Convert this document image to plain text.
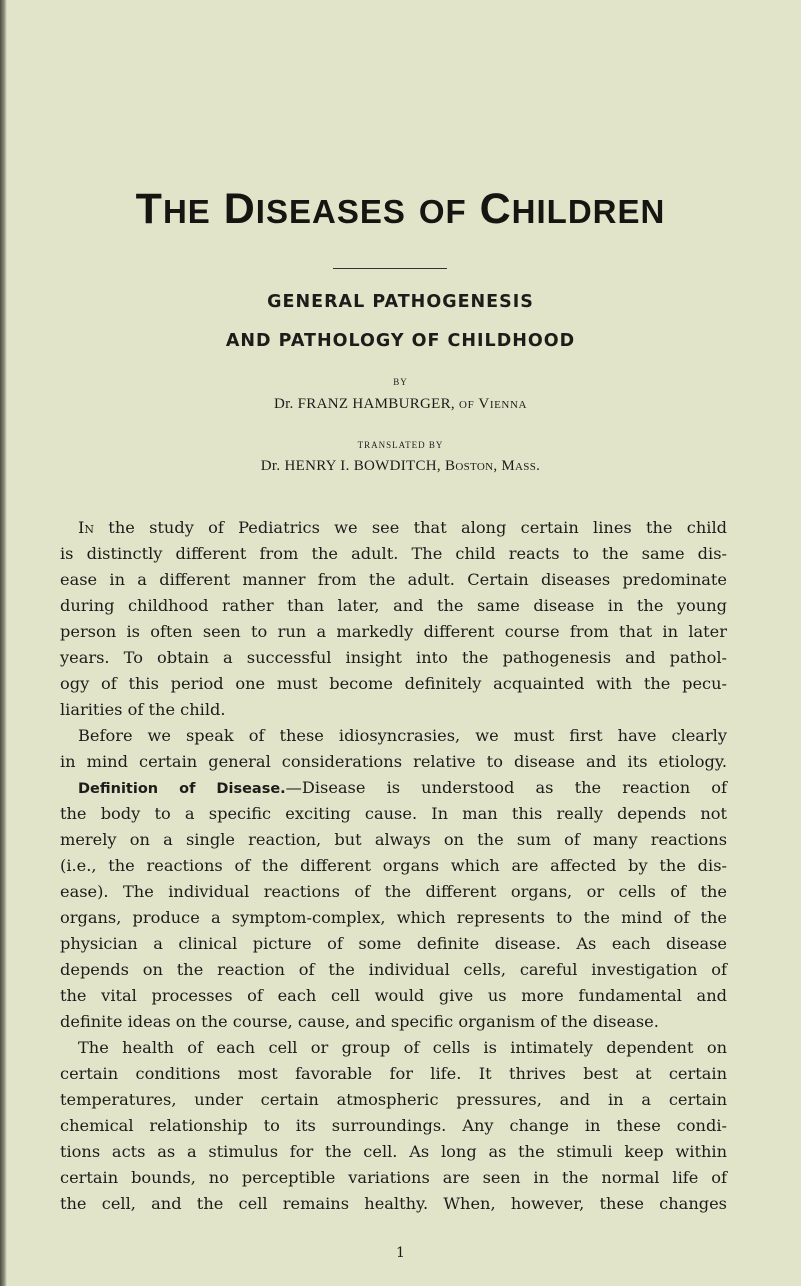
THE DISEASES OF CHILDREN
GENERAL PATHOGENESIS
AND PATHOLOGY OF CHILDHOOD
BY
Dr. FRANZ HAMBURGER, of Vienna
TRANSLATED BY
Dr. HENRY I. BOWDITCH, Boston, Mass.
In the study of Pediatrics we see that along certain lines the child
is distinctly different from the adult. The child reacts to the same dis-
ease in a different manner from the adult. Certain diseases predominate
during childhood rather than later, and the same disease in the young
person is often seen to run a markedly different course from that in later
years. To obtain a successful insight into the pathogenesis and pathol-
ogy of this period one must become definitely acquainted with the pecu-
liarities of the child.
Before we speak of these idiosyncrasies, we must first have clearly
in mind certain general considerations relative to disease and its etiology.
Definition of Disease.—Disease is understood as the reaction of
the body to a specific exciting cause. In man this really depends not
merely on a single reaction, but always on the sum of many reactions
(i.e., the reactions of the different organs which are affected by the dis-
ease). The individual reactions of the different organs, or cells of the
organs, produce a symptom-complex, which represents to the mind of the
physician a clinical picture of some definite disease. As each disease
depends on the reaction of the individual cells, careful investigation of
the vital processes of each cell would give us more fundamental and
definite ideas on the course, cause, and specific organism of the disease.
The health of each cell or group of cells is intimately dependent on
certain conditions most favorable for life. It thrives best at certain
temperatures, under certain atmospheric pressures, and in a certain
chemical relationship to its surroundings. Any change in these condi-
tions acts as a stimulus for the cell. As long as the stimuli keep within
certain bounds, no perceptible variations are seen in the normal life of
the cell, and the cell remains healthy. When, however, these changes
1
